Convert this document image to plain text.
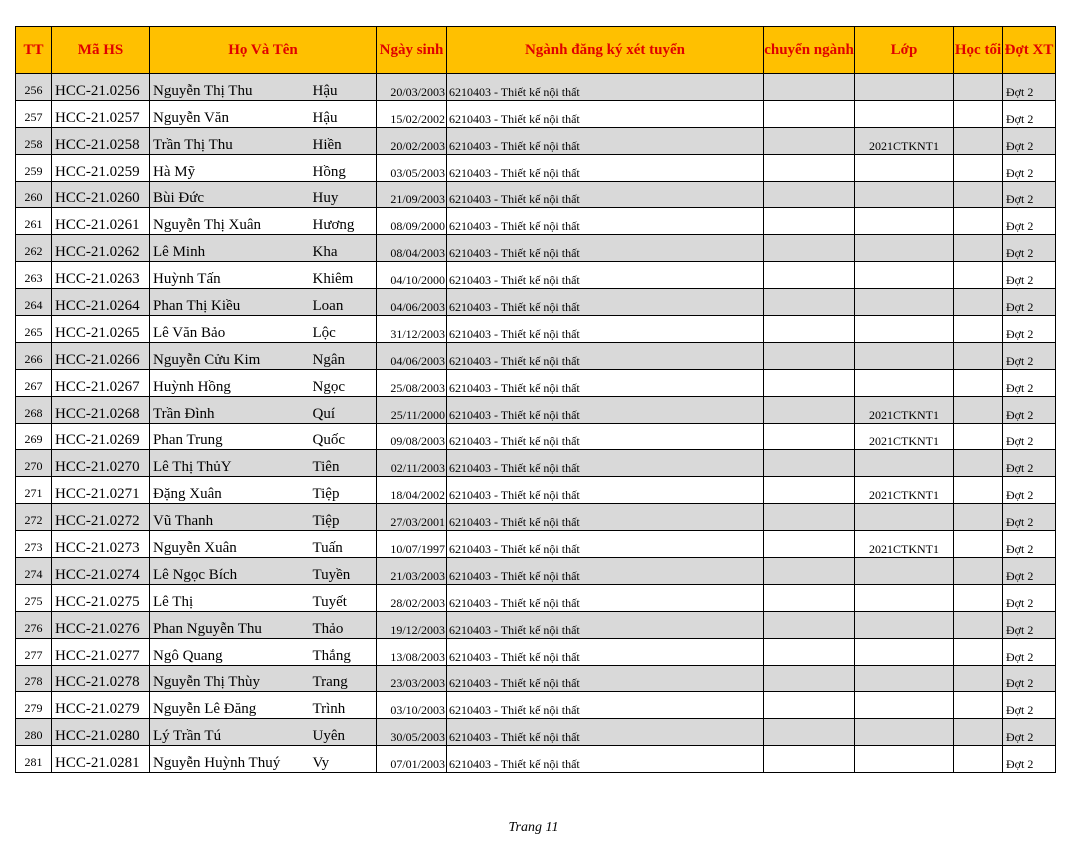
TT	Mã HS	Họ Và Tên		Ngày sinh	Ngành đăng ký xét tuyển	chuyển ngành	Lớp	Học tối	Đợt XT
256	HCC-21.0256	Nguyễn Thị Thu	Hậu	20/03/2003	6210403 - Thiết kế nội thất				Đợt 2
257	HCC-21.0257	Nguyễn Văn	Hậu	15/02/2002	6210403 - Thiết kế nội thất				Đợt 2
258	HCC-21.0258	Trần Thị Thu	Hiền	20/02/2003	6210403 - Thiết kế nội thất		2021CTKNT1		Đợt 2
259	HCC-21.0259	Hà Mỹ	Hồng	03/05/2003	6210403 - Thiết kế nội thất				Đợt 2
260	HCC-21.0260	Bùi Đức	Huy	21/09/2003	6210403 - Thiết kế nội thất				Đợt 2
261	HCC-21.0261	Nguyễn Thị Xuân	Hương	08/09/2000	6210403 - Thiết kế nội thất				Đợt 2
262	HCC-21.0262	Lê Minh	Kha	08/04/2003	6210403 - Thiết kế nội thất				Đợt 2
263	HCC-21.0263	Huỳnh Tấn	Khiêm	04/10/2000	6210403 - Thiết kế nội thất				Đợt 2
264	HCC-21.0264	Phan Thị Kiều	Loan	04/06/2003	6210403 - Thiết kế nội thất				Đợt 2
265	HCC-21.0265	Lê Văn Bảo	Lộc	31/12/2003	6210403 - Thiết kế nội thất				Đợt 2
266	HCC-21.0266	Nguyễn Cửu Kim	Ngân	04/06/2003	6210403 - Thiết kế nội thất				Đợt 2
267	HCC-21.0267	Huỳnh Hồng	Ngọc	25/08/2003	6210403 - Thiết kế nội thất				Đợt 2
268	HCC-21.0268	Trần Đình	Quí	25/11/2000	6210403 - Thiết kế nội thất		2021CTKNT1		Đợt 2
269	HCC-21.0269	Phan Trung	Quốc	09/08/2003	6210403 - Thiết kế nội thất		2021CTKNT1		Đợt 2
270	HCC-21.0270	Lê Thị ThủY	Tiên	02/11/2003	6210403 - Thiết kế nội thất				Đợt 2
271	HCC-21.0271	Đặng Xuân	Tiệp	18/04/2002	6210403 - Thiết kế nội thất		2021CTKNT1		Đợt 2
272	HCC-21.0272	Vũ Thanh	Tiệp	27/03/2001	6210403 - Thiết kế nội thất				Đợt 2
273	HCC-21.0273	Nguyễn Xuân	Tuấn	10/07/1997	6210403 - Thiết kế nội thất		2021CTKNT1		Đợt 2
274	HCC-21.0274	Lê Ngọc Bích	Tuyền	21/03/2003	6210403 - Thiết kế nội thất				Đợt 2
275	HCC-21.0275	Lê Thị	Tuyết	28/02/2003	6210403 - Thiết kế nội thất				Đợt 2
276	HCC-21.0276	Phan Nguyễn Thu	Thảo	19/12/2003	6210403 - Thiết kế nội thất				Đợt 2
277	HCC-21.0277	Ngô Quang	Thắng	13/08/2003	6210403 - Thiết kế nội thất				Đợt 2
278	HCC-21.0278	Nguyễn Thị Thùy	Trang	23/03/2003	6210403 - Thiết kế nội thất				Đợt 2
279	HCC-21.0279	Nguyễn Lê Đăng	Trình	03/10/2003	6210403 - Thiết kế nội thất				Đợt 2
280	HCC-21.0280	Lý Trần Tú	Uyên	30/05/2003	6210403 - Thiết kế nội thất				Đợt 2
281	HCC-21.0281	Nguyễn Huỳnh Thuý	Vy	07/01/2003	6210403 - Thiết kế nội thất				Đợt 2
Trang 11
